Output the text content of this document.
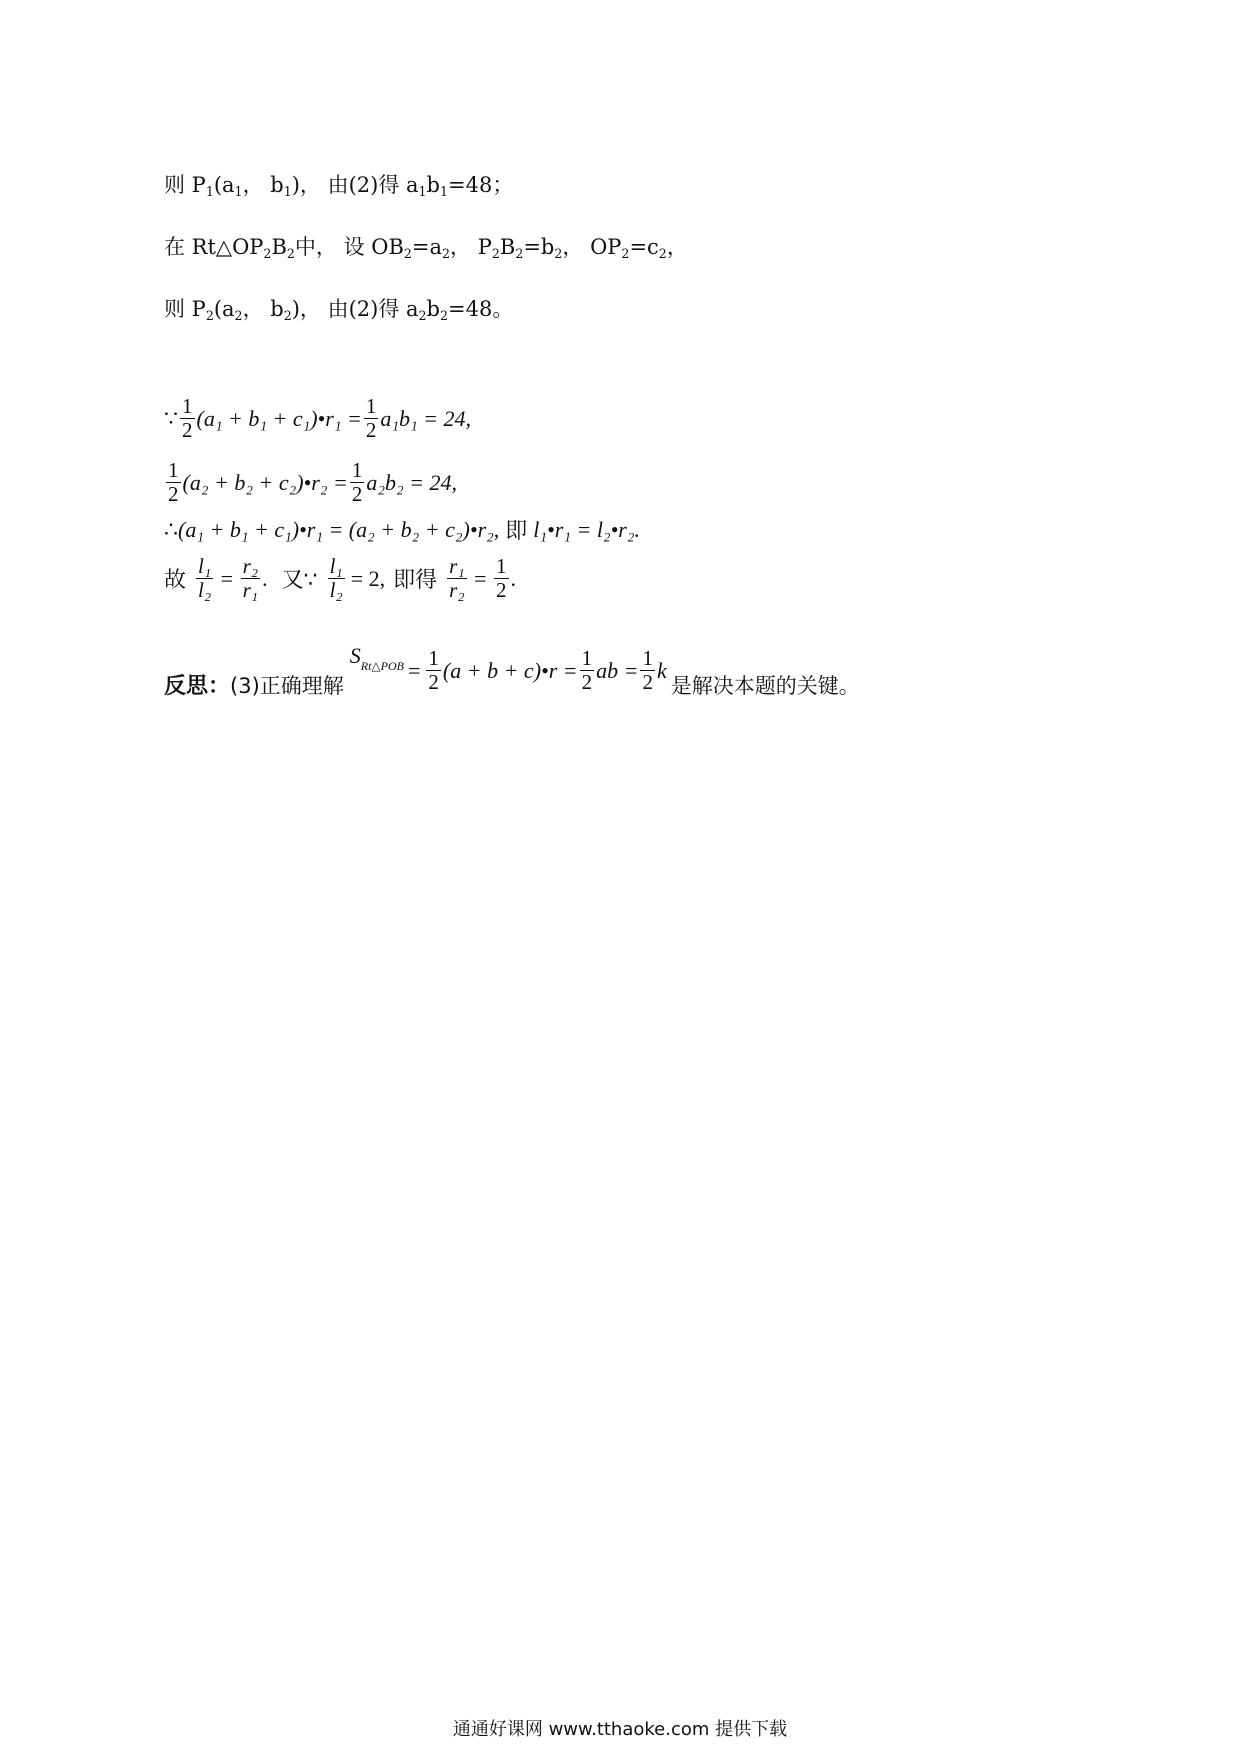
则 $P_1(a_1$， $b_1$)， 由(2)得 $a_1b_1=48$；
在 $Rt\triangle OP_2B_2$中， 设 $OB_2=a_2$， $P_2B_2=b_2$， $OP_2=c_2$，
则 $P_2(a_2$， $b_2$)， 由(2)得 $a_2b_2=48$。
∵ $\frac{1}{2} (a_1 + b_1$ + c₁)•r₁ = $\frac{1}{2} a_1b_1 = 24$,
$\frac{1}{2} (a_2 + b_2$ + c₂)•r₂ = $\frac{1}{2} a_2b_2 = 24$,
∴ (a₁ + b₁ + c₁)•r₁ = (a₂ + b₂ + c₂)•r₂, 即 l₁•r₁ = l₂•r₂.
故 $\frac{\text{l₁}}{\text{l₂}} = \frac{\text{r₂}}{\text{r₁}}$ . 又∵ $\frac{\text{l₁}}{\text{l₂}} = 2$, 即得 $\frac{\text{r₁}}{\text{r₂}} = \frac{1}{2}$ .
反思： (3)正确理解
$S_{Rt\triangle POB} = \frac{1}{2} (a + b$ + c)•r = $\frac{1}{2}$ ab = $\frac{1}{2}$ k
是解决本题的关键。
通通好课网 www.tthaoke.com 提供下载
